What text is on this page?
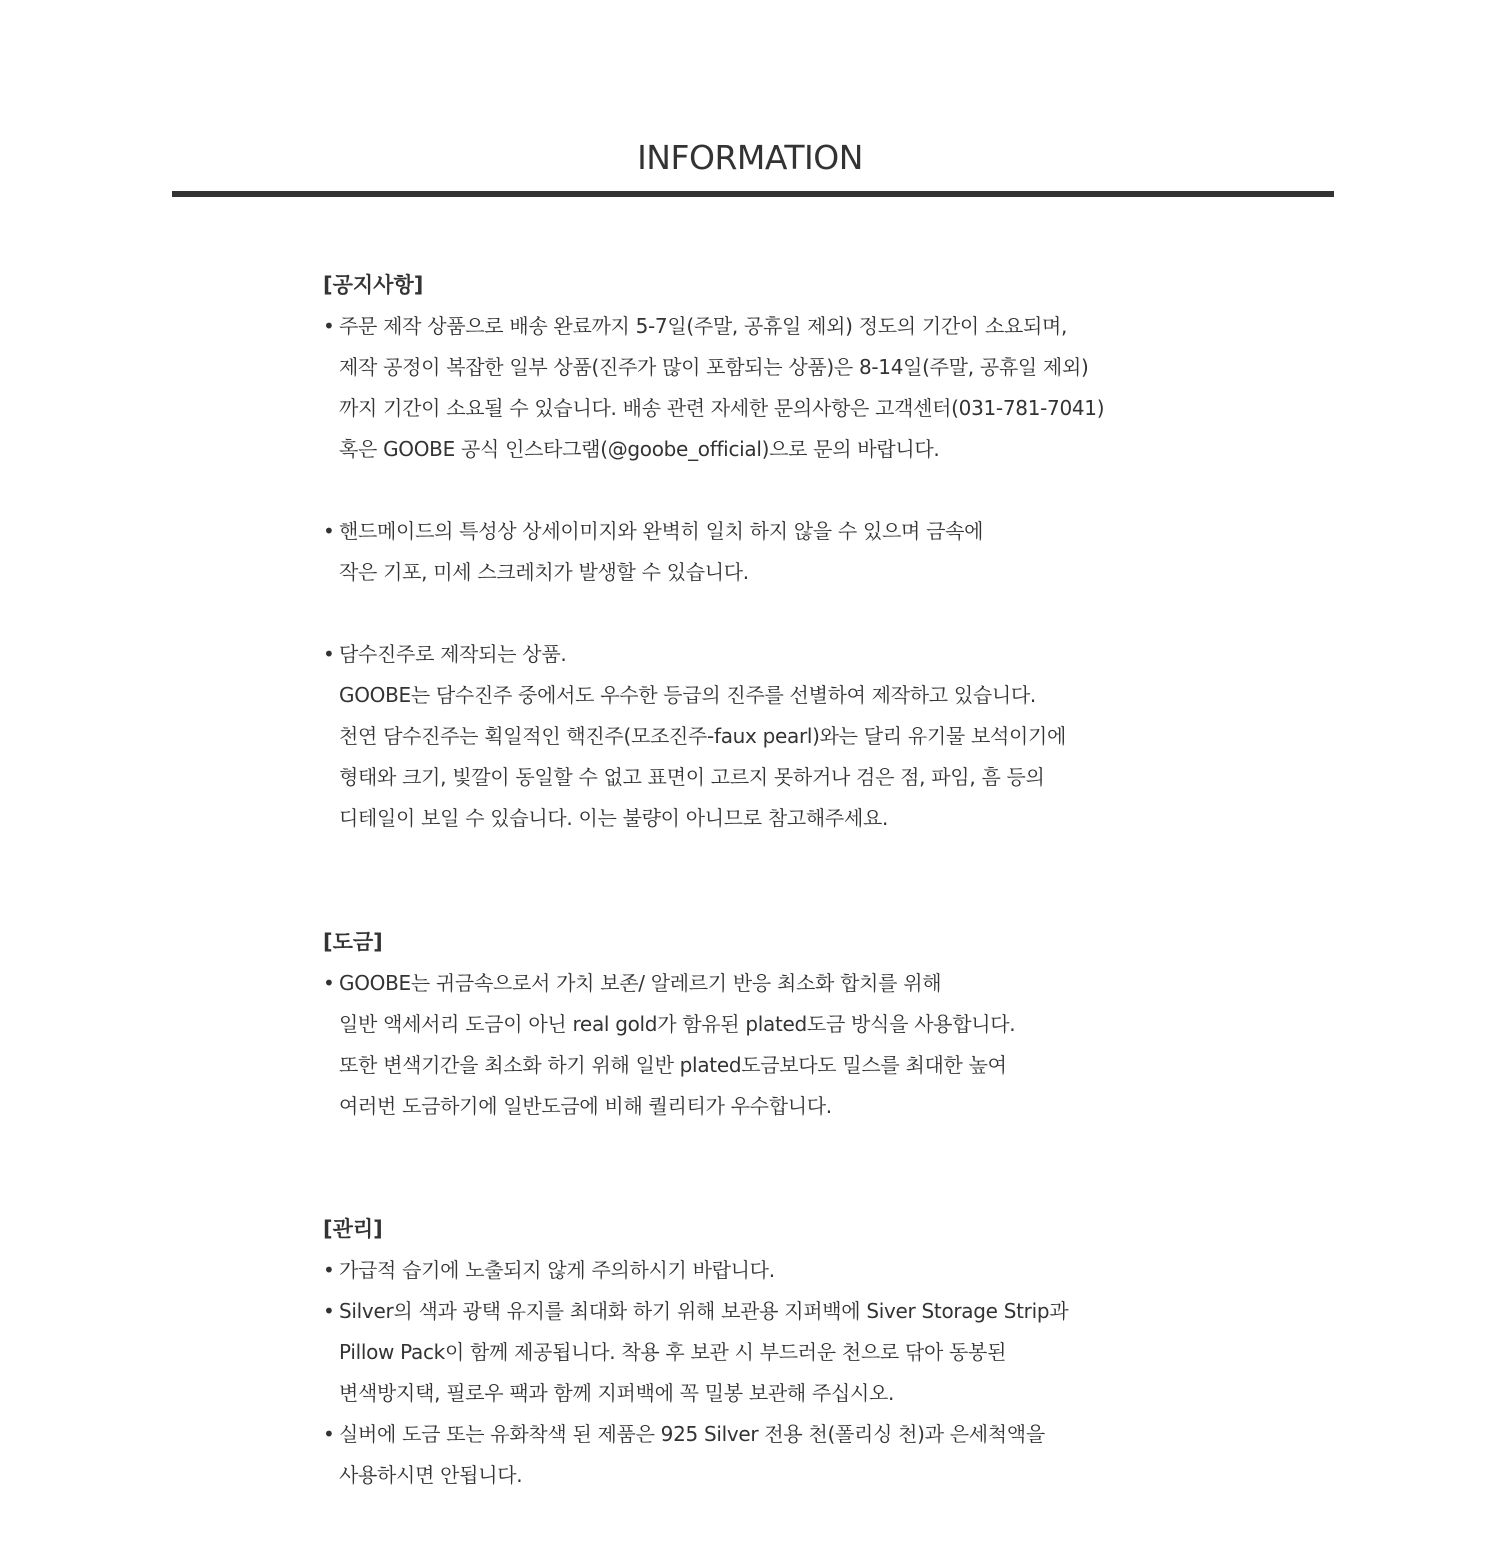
INFORMATION
[공지사항]
• 주문 제작 상품으로 배송 완료까지 5-7일(주말, 공휴일 제외) 정도의 기간이 소요되며,
제작 공정이 복잡한 일부 상품(진주가 많이 포함되는 상품)은 8-14일(주말, 공휴일 제외)
까지 기간이 소요될 수 있습니다. 배송 관련 자세한 문의사항은 고객센터(031-781-7041)
혹은 GOOBE 공식 인스타그램(@goobe_official)으로 문의 바랍니다.
• 핸드메이드의 특성상 상세이미지와 완벽히 일치 하지 않을 수 있으며 금속에
작은 기포, 미세 스크레치가 발생할 수 있습니다.
• 담수진주로 제작되는 상품.
GOOBE는 담수진주 중에서도 우수한 등급의 진주를 선별하여 제작하고 있습니다.
천연 담수진주는 획일적인 핵진주(모조진주-faux pearl)와는 달리 유기물 보석이기에
형태와 크기, 빛깔이 동일할 수 없고 표면이 고르지 못하거나 검은 점, 파임, 흠 등의
디테일이 보일 수 있습니다. 이는 불량이 아니므로 참고해주세요.
[도금]
• GOOBE는 귀금속으로서 가치 보존/ 알레르기 반응 최소화 합치를 위해
일반 액세서리 도금이 아닌 real gold가 함유된 plated도금 방식을 사용합니다.
또한 변색기간을 최소화 하기 위해 일반 plated도금보다도 밀스를 최대한 높여
여러번 도금하기에 일반도금에 비해 퀄리티가 우수합니다.
[관리]
• 가급적 습기에 노출되지 않게 주의하시기 바랍니다.
• Silver의 색과 광택 유지를 최대화 하기 위해 보관용 지퍼백에 Siver Storage Strip과
Pillow Pack이 함께 제공됩니다. 착용 후 보관 시 부드러운 천으로 닦아 동봉된
변색방지택, 필로우 팩과 함께 지퍼백에 꼭 밀봉 보관해 주십시오.
• 실버에 도금 또는 유화착색 된 제품은 925 Silver 전용 천(폴리싱 천)과 은세척액을
사용하시면 안됩니다.
